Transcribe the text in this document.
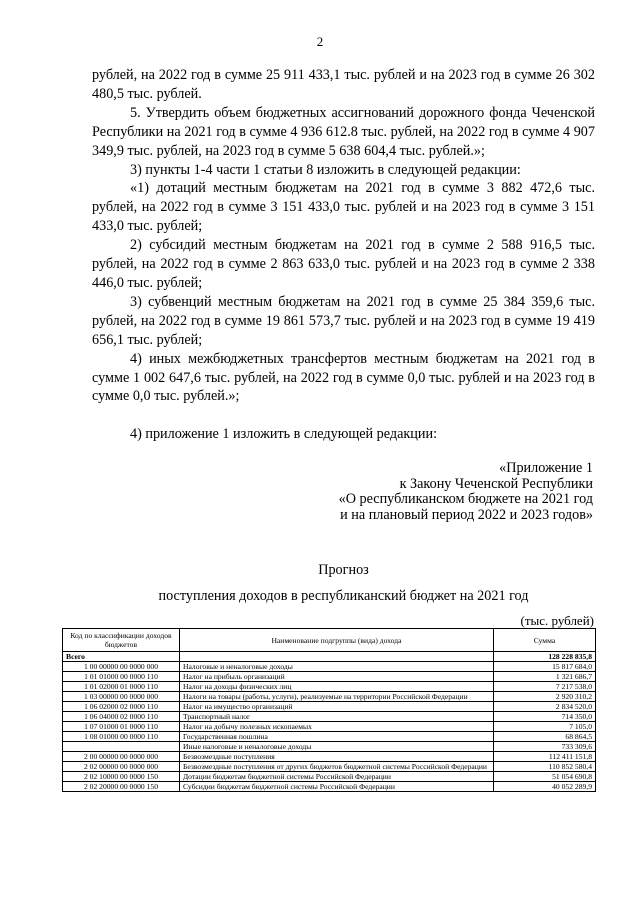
2

рублей, на 2022 год в сумме 25 911 433,1 тыс. рублей и на 2023 год в сумме 26 302 480,5 тыс. рублей.

5. Утвердить объем бюджетных ассигнований дорожного фонда Чеченской Республики на 2021 год в сумме 4 936 612.8 тыс. рублей, на 2022 год в сумме 4 907 349,9 тыс. рублей, на 2023 год в сумме 5 638 604,4 тыс. рублей.»;

3) пункты 1-4 части 1 статьи 8 изложить в следующей редакции:

«1) дотаций местным бюджетам на 2021 год в сумме 3 882 472,6 тыс. рублей, на 2022 год в сумме 3 151 433,0 тыс. рублей и на 2023 год в сумме 3 151 433,0 тыс. рублей;

2) субсидий местным бюджетам на 2021 год в сумме 2 588 916,5 тыс. рублей, на 2022 год в сумме 2 863 633,0 тыс. рублей и на 2023 год в сумме 2 338 446,0 тыс. рублей;

3) субвенций местным бюджетам на 2021 год в сумме 25 384 359,6 тыс. рублей, на 2022 год в сумме 19 861 573,7 тыс. рублей и на 2023 год в сумме 19 419 656,1 тыс. рублей;

4) иных межбюджетных трансфертов местным бюджетам на 2021 год в сумме 1 002 647,6 тыс. рублей, на 2022 год в сумме 0,0 тыс. рублей и на 2023 год в сумме 0,0 тыс. рублей.»;

4) приложение 1 изложить в следующей редакции:

«Приложение 1
к Закону Чеченской Республики
«О республиканском бюджете на 2021 год
и на плановый период 2022 и 2023 годов»
Прогноз
поступления доходов в республиканский бюджет на 2021 год
(тыс. рублей)
Код по классификации доходов бюджетов	Наименование подгруппы (вида) дохода	Сумма
Всего		128 228 835,8
1 00 00000 00 0000 000	Налоговые и неналоговые доходы	15 817 684,0
1 01 01000 00 0000 110	Налог на прибыль организаций	1 321 686,7
1 01 02000 01 0000 110	Налог на доходы физических лиц	7 217 538,0
1 03 00000 00 0000 000	Налоги на товары (работы, услуги), реализуемые на территории Российской Федерации	2 920 310,2
1 06 02000 02 0000 110	Налог на имущество организаций	2 834 520,0
1 06 04000 02 0000 110	Транспортный налог	714 350,0
1 07 01000 01 0000 110	Налог на добычу полезных ископаемых	7 105,0
1 08 01000 00 0000 110	Государственная пошлина	68 864,5
	Иные налоговые и неналоговые доходы	733 309,6
2 00 00000 00 0000 000	Безвозмездные поступления	112 411 151,8
2 02 00000 00 0000 000	Безвозмездные поступления от других бюджетов бюджетной системы Российской Федерации	110 852 580,4
2 02 10000 00 0000 150	Дотации бюджетам бюджетной системы Российской Федерации	51 054 690,8
2 02 20000 00 0000 150	Субсидии бюджетам бюджетной системы Российской Федерации	40 052 289,9
